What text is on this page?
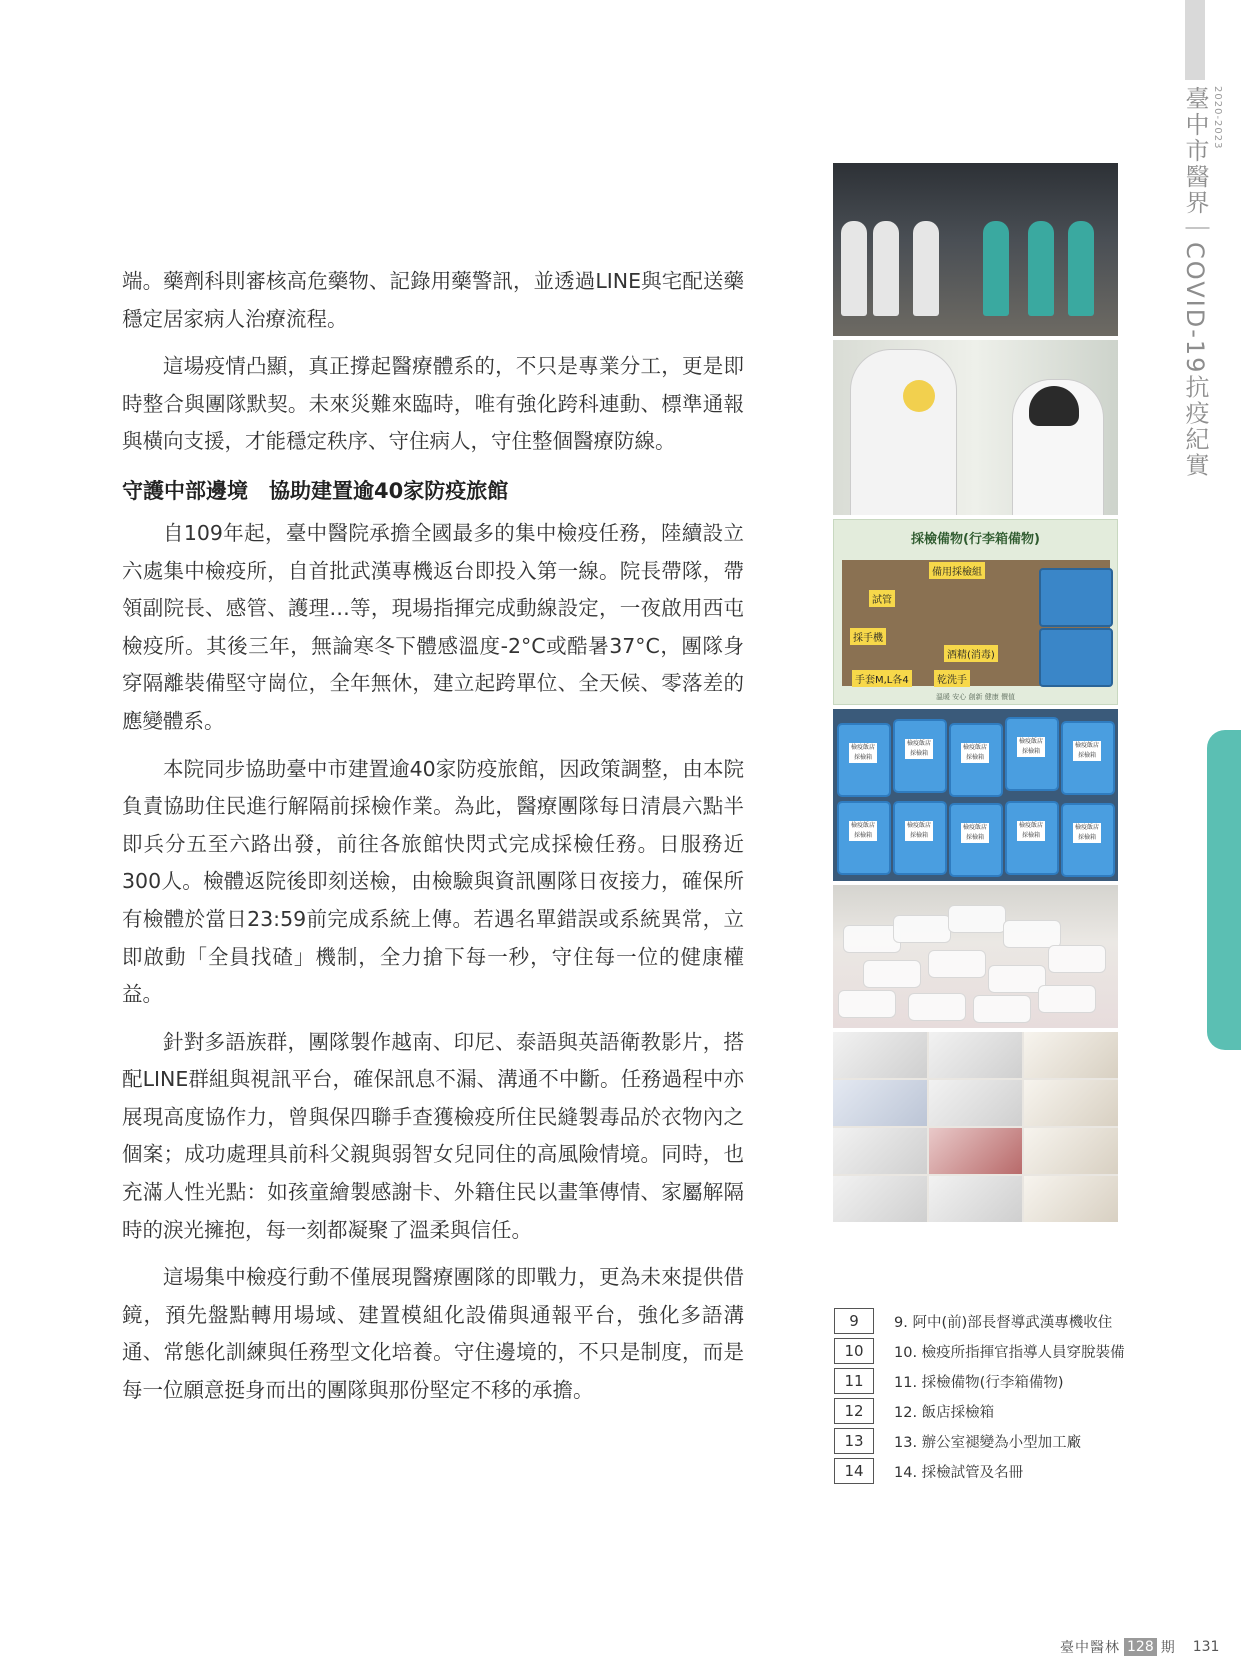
2020-2023
臺中市醫界｜COVID-19抗疫紀實

端。藥劑科則審核高危藥物、記錄用藥警訊，並透過LINE與宅配送藥穩定居家病人治療流程。

這場疫情凸顯，真正撐起醫療體系的，不只是專業分工，更是即時整合與團隊默契。未來災難來臨時，唯有強化跨科連動、標準通報與橫向支援，才能穩定秩序、守住病人，守住整個醫療防線。

守護中部邊境　協助建置逾40家防疫旅館

自109年起，臺中醫院承擔全國最多的集中檢疫任務，陸續設立六處集中檢疫所，自首批武漢專機返台即投入第一線。院長帶隊，帶領副院長、感管、護理…等，現場指揮完成動線設定，一夜啟用西屯檢疫所。其後三年，無論寒冬下體感溫度-2°C或酷暑37°C，團隊身穿隔離裝備堅守崗位，全年無休，建立起跨單位、全天候、零落差的應變體系。

本院同步協助臺中市建置逾40家防疫旅館，因政策調整，由本院負責協助住民進行解隔前採檢作業。為此，醫療團隊每日清晨六點半即兵分五至六路出發，前往各旅館快閃式完成採檢任務。日服務近300人。檢體返院後即刻送檢，由檢驗與資訊團隊日夜接力，確保所有檢體於當日23:59前完成系統上傳。若遇名單錯誤或系統異常，立即啟動「全員找碴」機制，全力搶下每一秒，守住每一位的健康權益。

針對多語族群，團隊製作越南、印尼、泰語與英語衛教影片，搭配LINE群組與視訊平台，確保訊息不漏、溝通不中斷。任務過程中亦展現高度協作力，曾與保四聯手查獲檢疫所住民縫製毒品於衣物內之個案；成功處理具前科父親與弱智女兒同住的高風險情境。同時，也充滿人性光點：如孩童繪製感謝卡、外籍住民以畫筆傳情、家屬解隔時的淚光擁抱，每一刻都凝聚了溫柔與信任。

這場集中檢疫行動不僅展現醫療團隊的即戰力，更為未來提供借鏡，預先盤點轉用場域、建置模組化設備與通報平台，強化多語溝通、常態化訓練與任務型文化培養。守住邊境的，不只是制度，而是每一位願意挺身而出的團隊與那份堅定不移的承擔。

採檢備物(行李箱備物)
備用採檢組
試管
採手機
酒精(消毒)
手套M,L各4	乾洗手
溫暖 安心 創新 健康 價值
檢疫飯店採檢箱
檢疫飯店採檢箱
檢疫飯店採檢箱
檢疫飯店採檢箱
檢疫飯店採檢箱
檢疫飯店採檢箱
檢疫飯店採檢箱
檢疫飯店採檢箱
檢疫飯店採檢箱
檢疫飯店採檢箱
9	9. 阿中(前)部長督導武漢專機收住
10	10. 檢疫所指揮官指導人員穿脫裝備
11	11. 採檢備物(行李箱備物)
12	12. 飯店採檢箱
13	13. 辦公室褪變為小型加工廠
14	14. 採檢試管及名冊
臺中醫林 128 期 131
